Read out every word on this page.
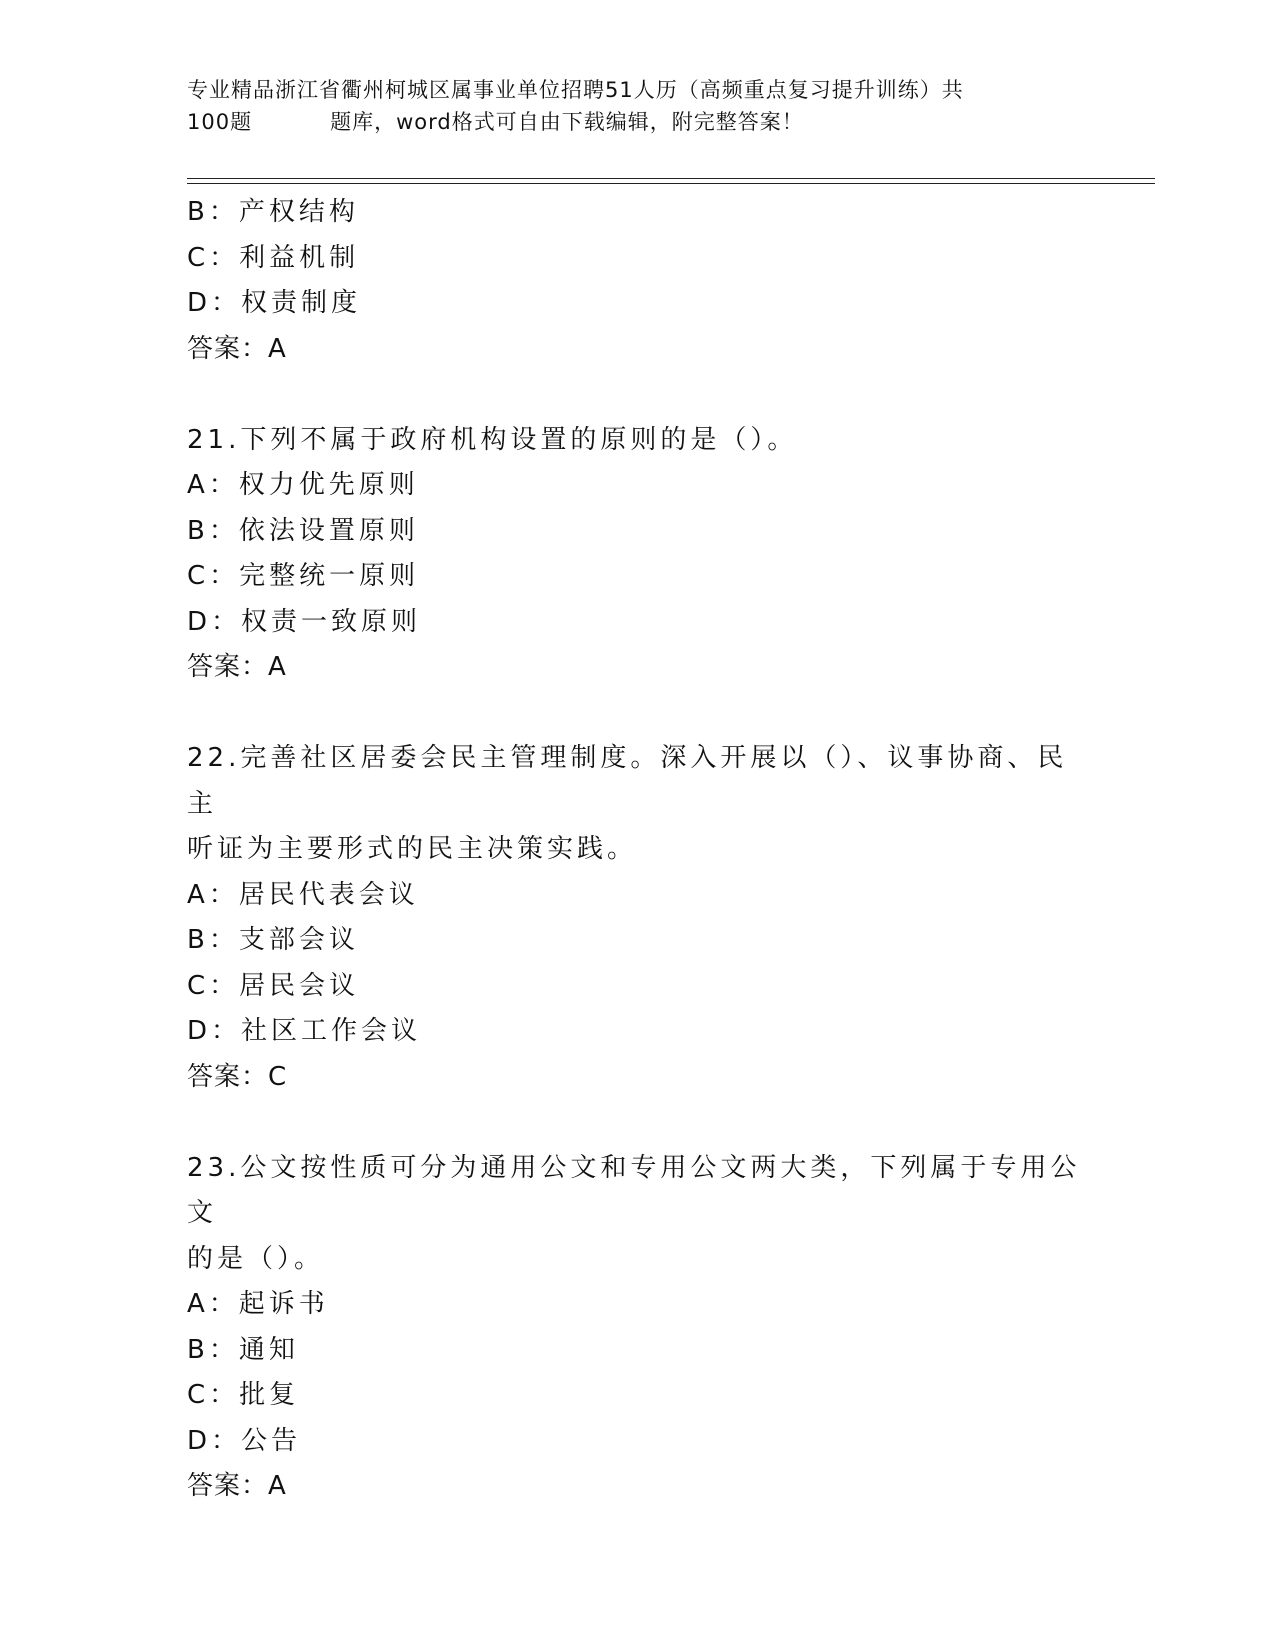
专业精品浙江省衢州柯城区属事业单位招聘51人历（高频重点复习提升训练）共
100题	题库，word格式可自由下载编辑，附完整答案！
B：产权结构
C：利益机制
D：权责制度
答案：A
21.下列不属于政府机构设置的原则的是（）。
A：权力优先原则
B：依法设置原则
C：完整统一原则
D：权责一致原则
答案：A
22.完善社区居委会民主管理制度。深入开展以（）、议事协商、民主
听证为主要形式的民主决策实践。
A：居民代表会议
B：支部会议
C：居民会议
D：社区工作会议
答案：C
23.公文按性质可分为通用公文和专用公文两大类，下列属于专用公文
的是（）。
A：起诉书
B：通知
C：批复
D：公告
答案：A
